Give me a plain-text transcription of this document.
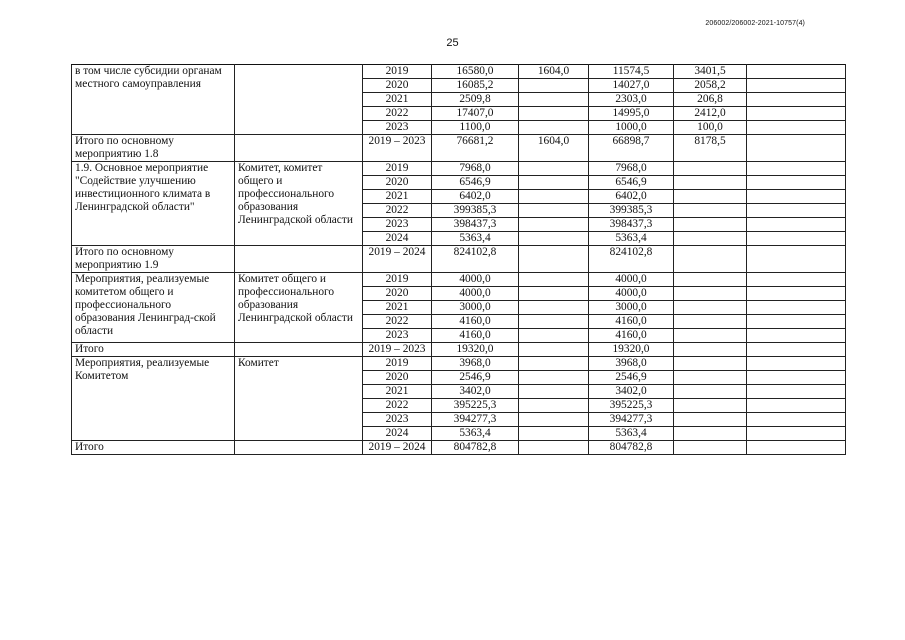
206002/206002-2021-10757(4)
25
в том числе субсидии органам местного самоуправления		2019	16580,0	1604,0	11574,5	3401,5	
		2020	16085,2		14027,0	2058,2	
		2021	2509,8		2303,0	206,8	
		2022	17407,0		14995,0	2412,0	
		2023	1100,0		1000,0	100,0	
Итого по основному мероприятию 1.8		2019 – 2023	76681,2	1604,0	66898,7	8178,5	
1.9. Основное мероприятие "Содействие улучшению инвестиционного климата в Ленинградской области"	Комитет, комитет общего и профессионального образования Ленинградской области	2019	7968,0		7968,0		
		2020	6546,9		6546,9		
		2021	6402,0		6402,0		
		2022	399385,3		399385,3		
		2023	398437,3		398437,3		
		2024	5363,4		5363,4		
Итого по основному мероприятию 1.9		2019 – 2024	824102,8		824102,8		
Мероприятия, реализуемые комитетом общего и профессионального образования Ленинград-ской области	Комитет общего и профессионального образования Ленинградской области	2019	4000,0		4000,0		
		2020	4000,0		4000,0		
		2021	3000,0		3000,0		
		2022	4160,0		4160,0		
		2023	4160,0		4160,0		
Итого		2019 – 2023	19320,0		19320,0		
Мероприятия, реализуемые Комитетом	Комитет	2019	3968,0		3968,0		
		2020	2546,9		2546,9		
		2021	3402,0		3402,0		
		2022	395225,3		395225,3		
		2023	394277,3		394277,3		
		2024	5363,4		5363,4		
Итого		2019 – 2024	804782,8		804782,8		
